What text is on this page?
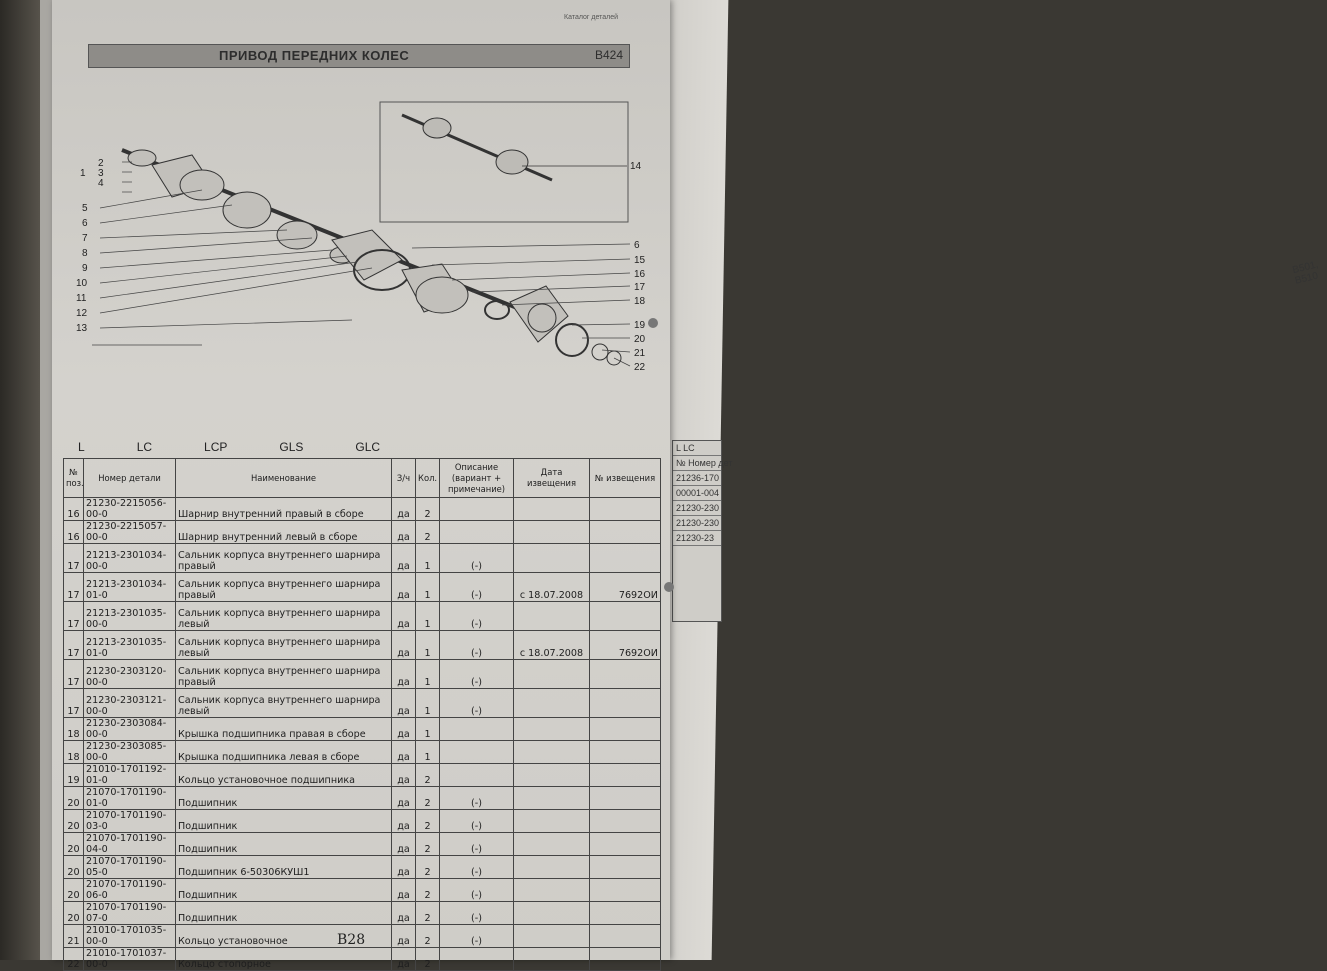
B501, B510
L LC
№ Номер дет
21236-170
00001-004
21230-230
21230-230
21230-23
Каталог деталей
ПРИВОД ПЕРЕДНИХ КОЛЕС	B424
14
2
1 3
4
5
6
7
8
9
10
11
12
13
6
15
16
17
18
19
20
21
22
L	LC	LCP	GLS	GLC
№ поз.	Номер детали	Наименование	З/ч	Кол.	Описание (вариант + примечание)	Дата извещения	№ извещения
16	21230-2215056-00-0	Шарнир внутренний правый в сборе	да	2			
16	21230-2215057-00-0	Шарнир внутренний левый в сборе	да	2			
17	21213-2301034-00-0	Сальник корпуса внутреннего шарнира правый	да	1	(-)		
17	21213-2301034-01-0	Сальник корпуса внутреннего шарнира правый	да	1	(-)	с 18.07.2008	7692ОИ
17	21213-2301035-00-0	Сальник корпуса внутреннего шарнира левый	да	1	(-)		
17	21213-2301035-01-0	Сальник корпуса внутреннего шарнира левый	да	1	(-)	с 18.07.2008	7692ОИ
17	21230-2303120-00-0	Сальник корпуса внутреннего шарнира правый	да	1	(-)		
17	21230-2303121-00-0	Сальник корпуса внутреннего шарнира левый	да	1	(-)		
18	21230-2303084-00-0	Крышка подшипника правая в сборе	да	1			
18	21230-2303085-00-0	Крышка подшипника левая в сборе	да	1			
19	21010-1701192-01-0	Кольцо установочное подшипника	да	2			
20	21070-1701190-01-0	Подшипник	да	2	(-)		
20	21070-1701190-03-0	Подшипник	да	2	(-)		
20	21070-1701190-04-0	Подшипник	да	2	(-)		
20	21070-1701190-05-0	Подшипник 6-50306КУШ1	да	2	(-)		
20	21070-1701190-06-0	Подшипник	да	2	(-)		
20	21070-1701190-07-0	Подшипник	да	2	(-)		
21	21010-1701035-00-0	Кольцо установочное	да	2	(-)		
22	21010-1701037-00-0	Кольцо стопорное	да	2			
B28
